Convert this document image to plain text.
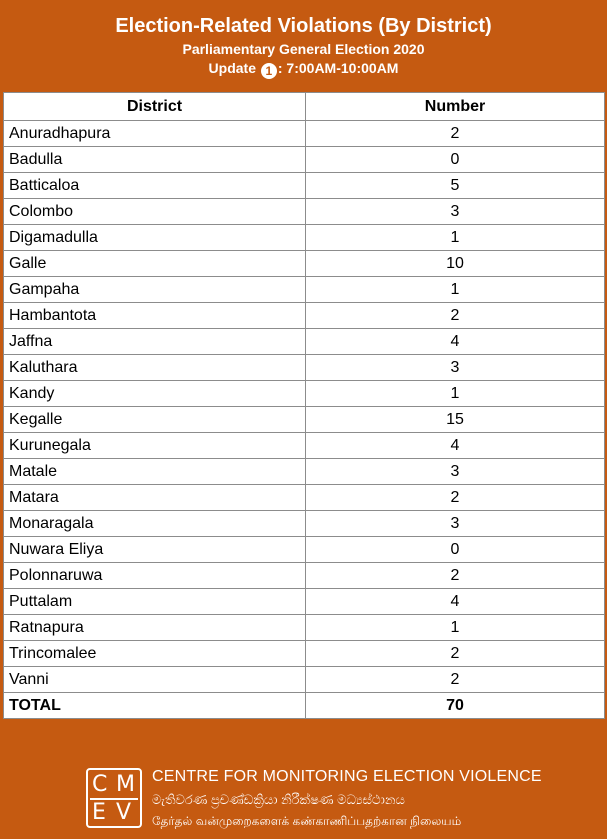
Election-Related Violations (By District)
Parliamentary General Election 2020
Update 1 : 7:00AM-10:00AM
District	Number
Anuradhapura	2
Badulla	0
Batticaloa	5
Colombo	3
Digamadulla	1
Galle	10
Gampaha	1
Hambantota	2
Jaffna	4
Kaluthara	3
Kandy	1
Kegalle	15
Kurunegala	4
Matale	3
Matara	2
Monaragala	3
Nuwara Eliya	0
Polonnaruwa	2
Puttalam	4
Ratnapura	1
Trincomalee	2
Vanni	2
TOTAL	70
C M
E V
CENTRE FOR MONITORING ELECTION VIOLENCE
මැතිවරණ ප්‍රචණ්ඩක්‍රියා නිරීක්ෂණ මධ්‍යස්ථානය
தேர்தல் வன்முறைகளைக் கண்காணிப்பதற்கான நிலையம்
